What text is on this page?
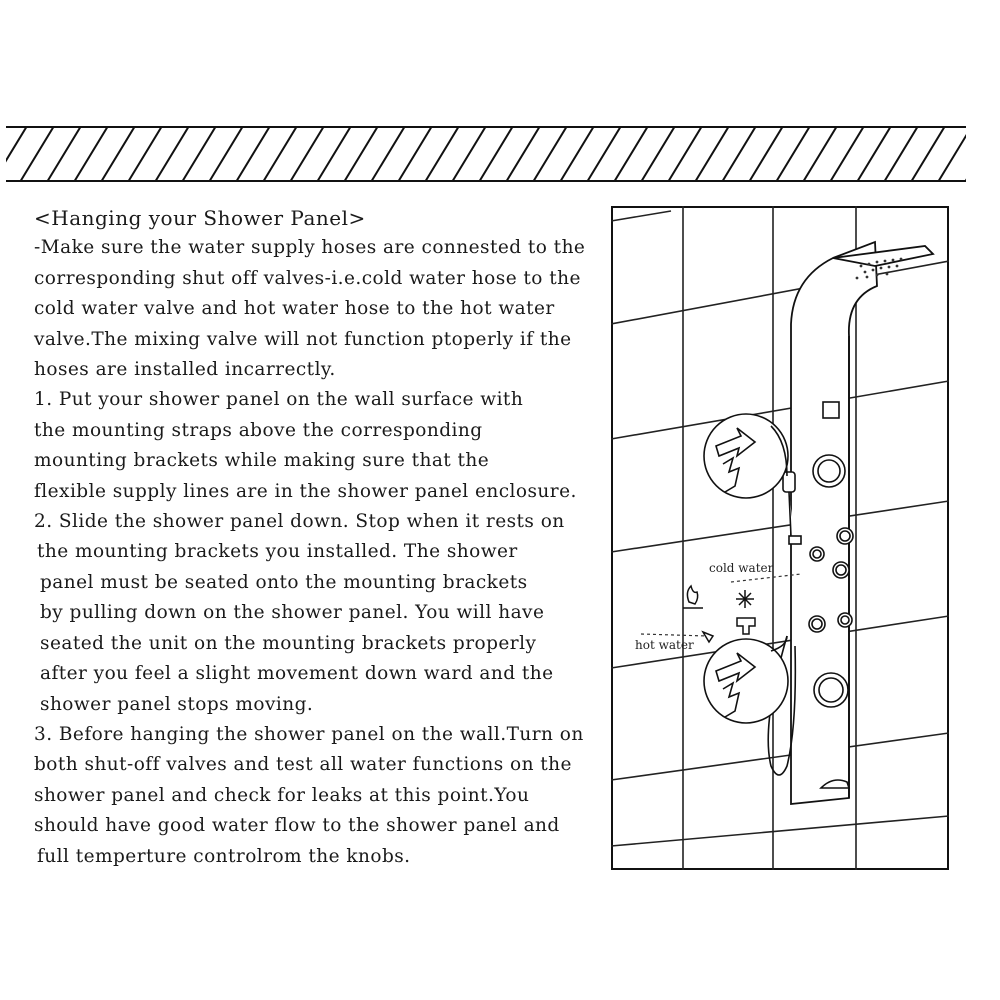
<Hanging your Shower Panel>
-Make sure the water supply hoses are connested to the
corresponding shut off valves-i.e.cold water hose to the
cold water valve and hot water hose to the hot water
valve.The mixing valve will not function ptoperly if the
hoses are installed incarrectly.
1. Put your shower panel on the wall surface with
the mounting straps above the corresponding
mounting brackets while making sure that the
flexible supply lines are in the shower panel enclosure.
2. Slide the shower panel down. Stop when it rests on
the mounting brackets you installed. The shower
panel must be seated onto the mounting brackets
by pulling down on the shower panel. You will have
seated the unit on the mounting brackets properly
after you feel a slight movement down ward and the
shower panel stops moving.
3. Before hanging the shower panel on the wall.Turn on
both shut-off valves and test all water functions on the
shower panel and check for leaks at this point.You
should have good water flow to the shower panel and
full temperture controlrom the knobs.
cold water
hot water
